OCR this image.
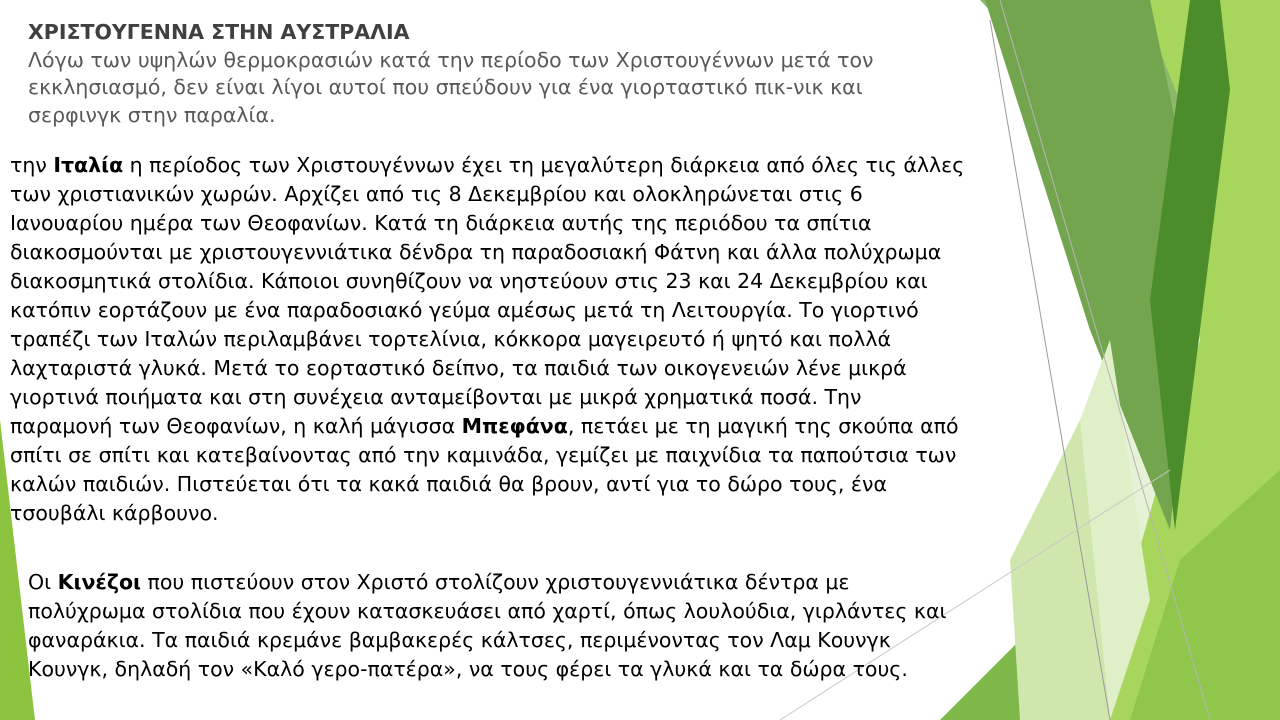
ΧΡΙΣΤΟΥΓΕΝΝΑ ΣΤΗΝ ΑΥΣΤΡΑΛΙΑ
Λόγω των υψηλών θερμοκρασιών κατά την περίοδο των Χριστουγέννων μετά τον εκκλησιασμό, δεν είναι λίγοι αυτοί που σπεύδουν για ένα γιορταστικό πικ-νικ και σερφινγκ στην παραλία.
την Ιταλία η περίοδος των Χριστουγέννων έχει τη μεγαλύτερη διάρκεια από όλες τις άλλες των χριστιανικών χωρών. Αρχίζει από τις 8 Δεκεμβρίου και ολοκληρώνεται στις 6 Ιανουαρίου ημέρα των Θεοφανίων. Κατά τη διάρκεια αυτής της περιόδου τα σπίτια διακοσμούνται με χριστουγεννιάτικα δένδρα τη παραδοσιακή Φάτνη και άλλα πολύχρωμα διακοσμητικά στολίδια. Κάποιοι συνηθίζουν να νηστεύουν στις 23 και 24 Δεκεμβρίου και κατόπιν εορτάζουν με ένα παραδοσιακό γεύμα αμέσως μετά τη Λειτουργία. Το γιορτινό τραπέζι των Ιταλών περιλαμβάνει τορτελίνια, κόκκορα μαγειρευτό ή ψητό και πολλά λαχταριστά γλυκά. Μετά το εορταστικό δείπνο, τα παιδιά των οικογενειών λένε μικρά γιορτινά ποιήματα και στη συνέχεια ανταμείβονται με μικρά χρηματικά ποσά. Την παραμονή των Θεοφανίων, η καλή μάγισσα Μπεφάνα, πετάει με τη μαγική της σκούπα από σπίτι σε σπίτι και κατεβαίνοντας από την καμινάδα, γεμίζει με παιχνίδια τα παπούτσια των καλών παιδιών. Πιστεύεται ότι τα κακά παιδιά θα βρουν, αντί για το δώρο τους, ένα τσουβάλι κάρβουνο.
Οι Κινέζοι που πιστεύουν στον Χριστό στολίζουν χριστουγεννιάτικα δέντρα με πολύχρωμα στολίδια που έχουν κατασκευάσει από χαρτί, όπως λουλούδια, γιρλάντες και φαναράκια. Τα παιδιά κρεμάνε βαμβακερές κάλτσες, περιμένοντας τον Λαμ Κουνγκ Κουνγκ, δηλαδή τον «Καλό γερο-πατέρα», να τους φέρει τα γλυκά και τα δώρα τους.
